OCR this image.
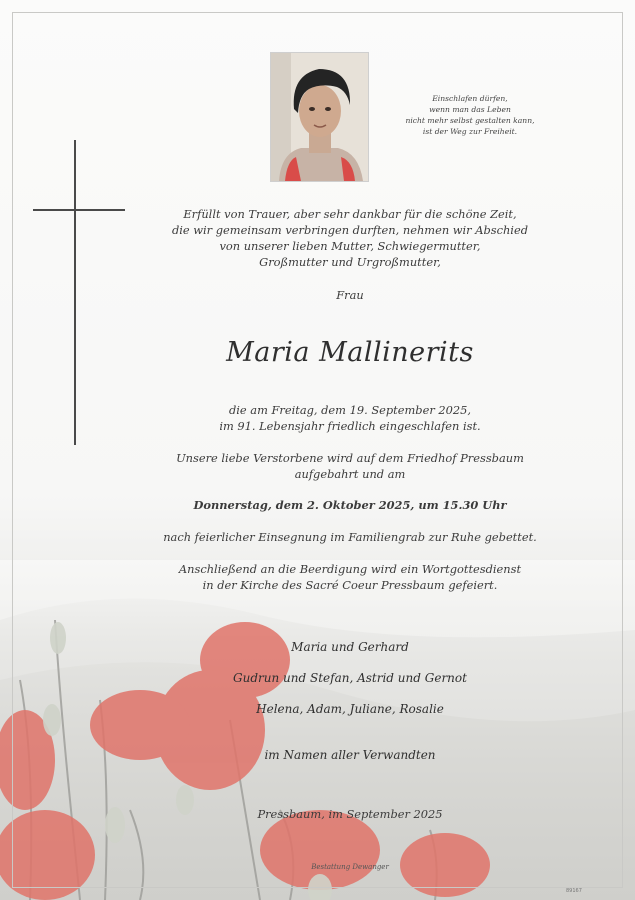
Einschlafen dürfen,
wenn man das Leben
nicht mehr selbst gestalten kann,
ist der Weg zur Freiheit.
Erfüllt von Trauer, aber sehr dankbar für die schöne Zeit,
die wir gemeinsam verbringen durften, nehmen wir Abschied
von unserer lieben Mutter, Schwiegermutter,
Großmutter und Urgroßmutter,
Frau
Maria Mallinerits
die am Freitag, dem 19. September 2025,
im 91. Lebensjahr friedlich eingeschlafen ist.
Unsere liebe Verstorbene wird auf dem Friedhof Pressbaum
aufgebahrt und am
Donnerstag, dem 2. Oktober 2025, um 15.30 Uhr
nach feierlicher Einsegnung im Familiengrab zur Ruhe gebettet.
Anschließend an die Beerdigung wird ein Wortgottesdienst
in der Kirche des Sacré Coeur Pressbaum gefeiert.
Maria und Gerhard
Gudrun und Stefan, Astrid und Gernot
Helena, Adam, Juliane, Rosalie
im Namen aller Verwandten
Pressbaum, im September 2025
Bestattung Dewanger
89167
